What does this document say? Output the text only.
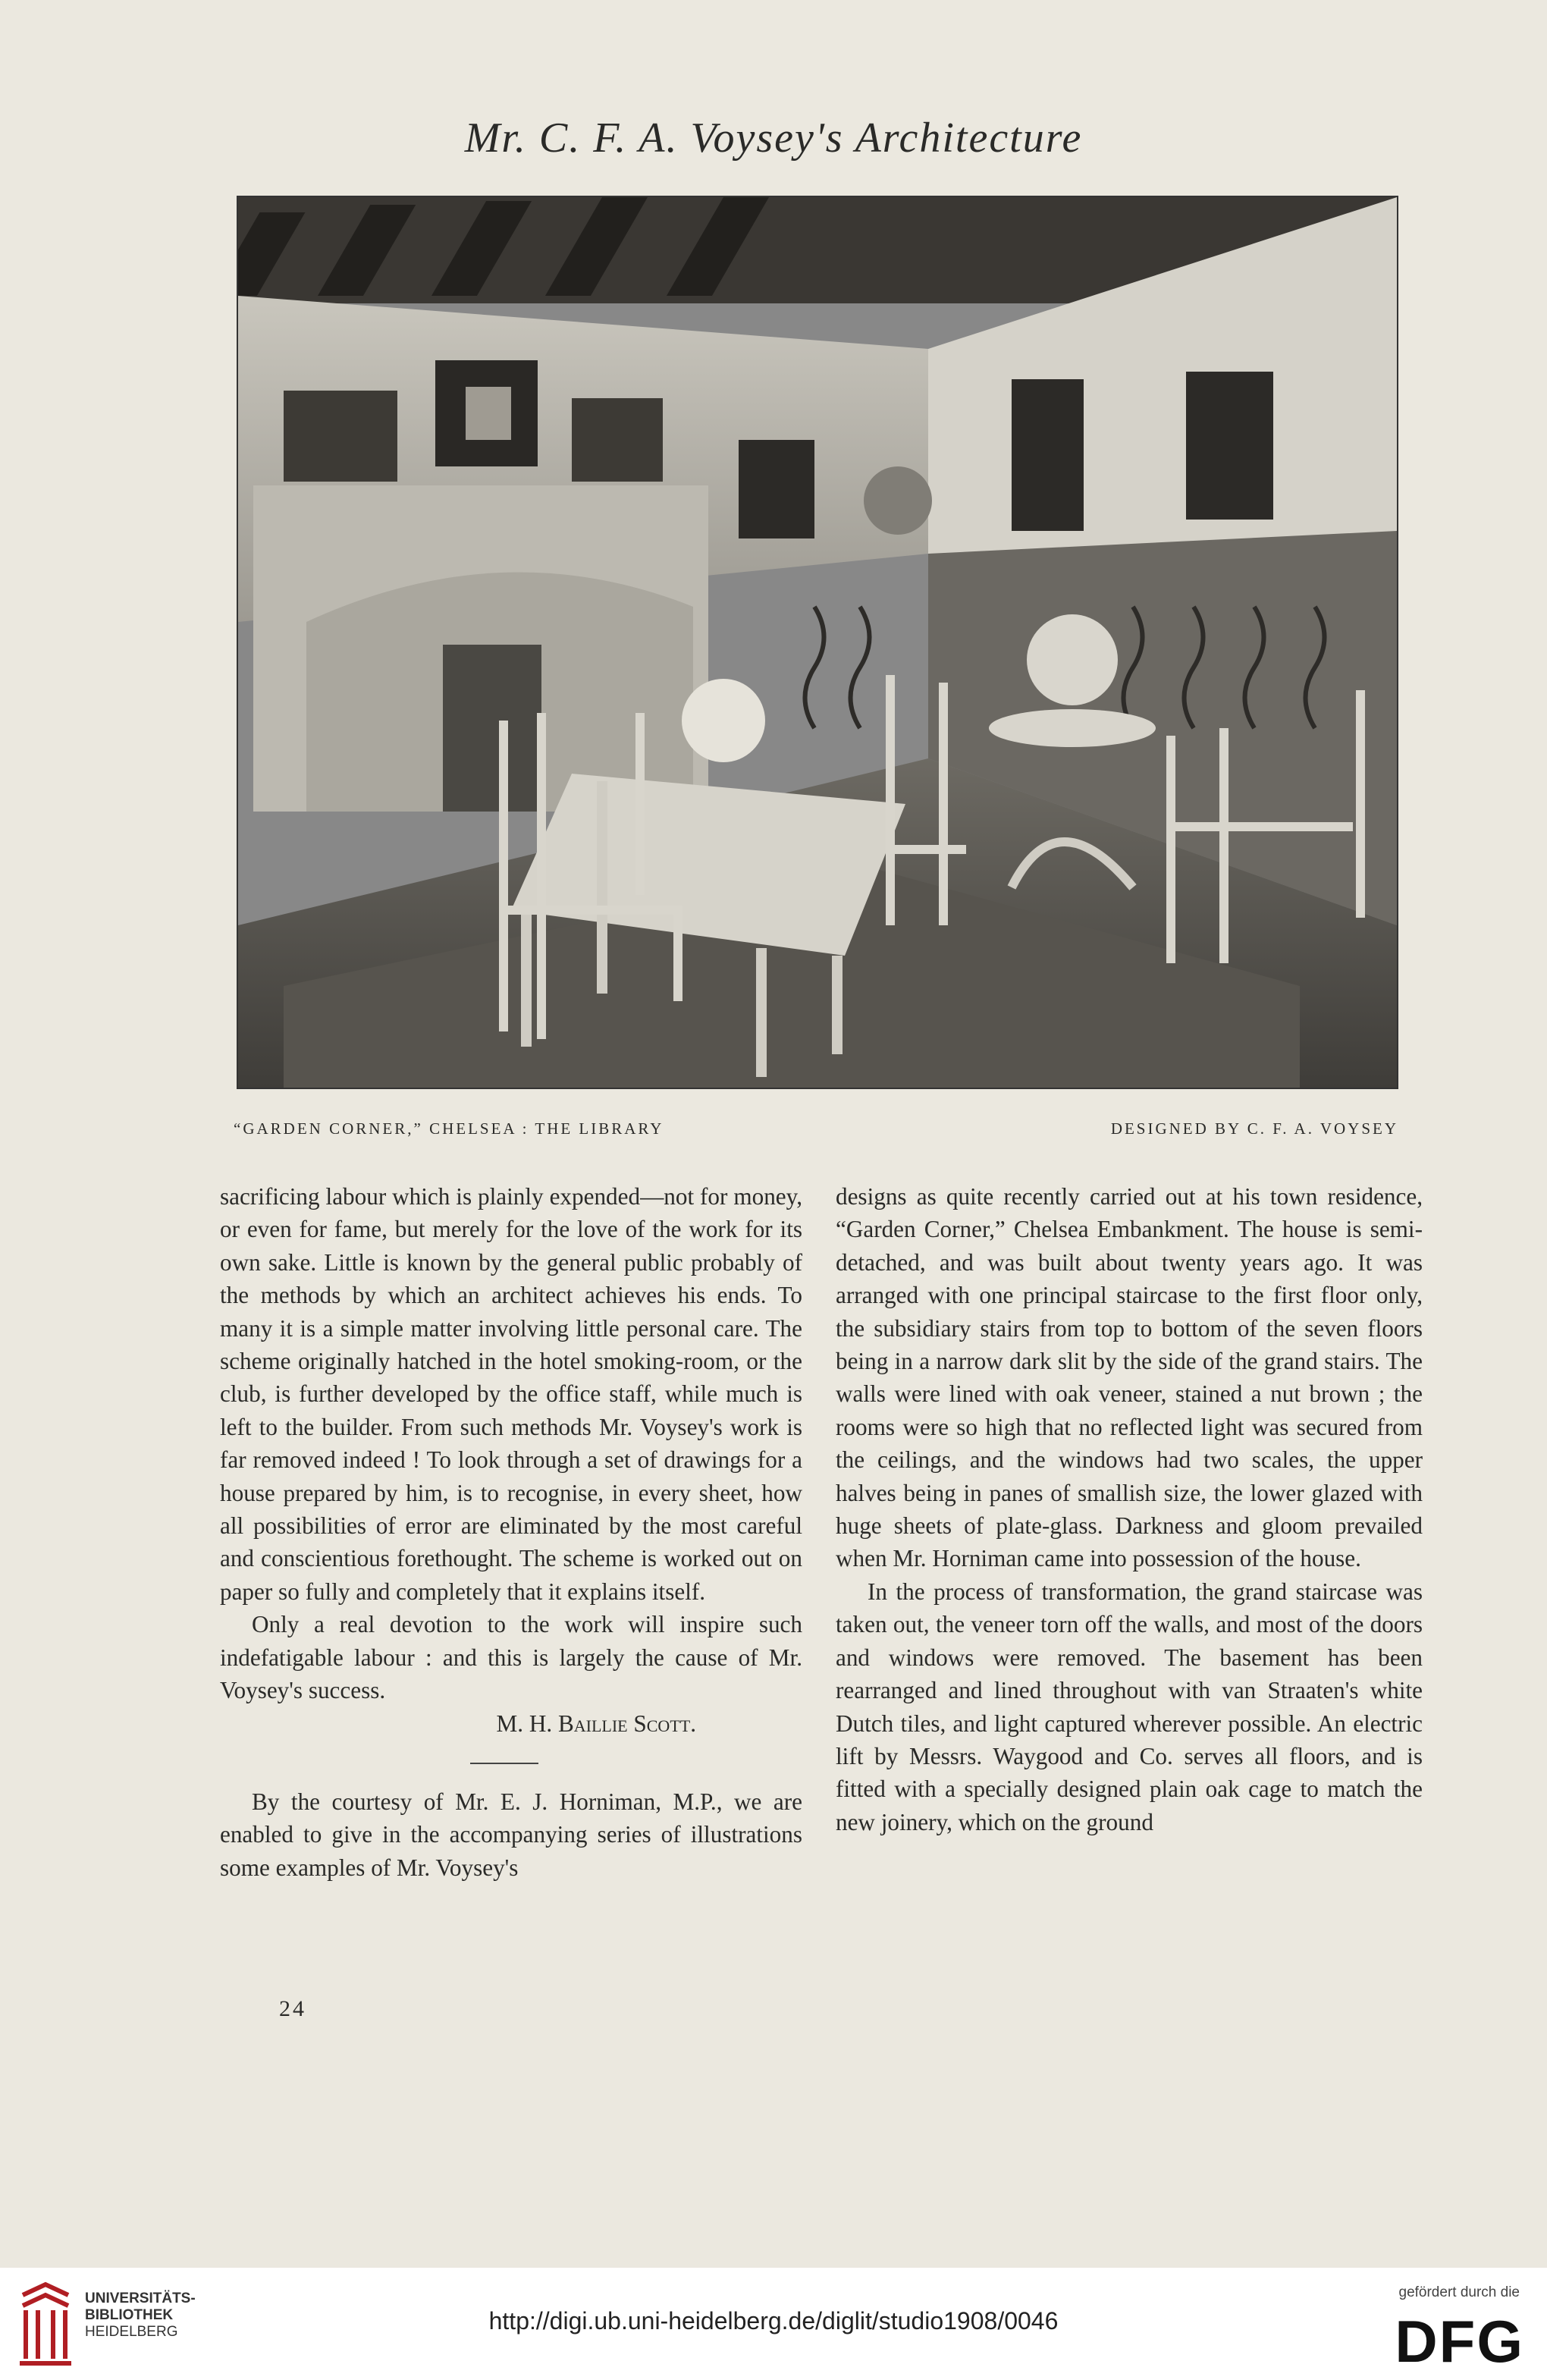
Mr. C. F. A. Voysey's Architecture
“GARDEN CORNER,” CHELSEA : THE LIBRARY	DESIGNED BY C. F. A. VOYSEY

sacrificing labour which is plainly expended—not for money, or even for fame, but merely for the love of the work for its own sake. Little is known by the general public probably of the methods by which an architect achieves his ends. To many it is a simple matter involving little personal care. The scheme originally hatched in the hotel smoking-room, or the club, is further developed by the office staff, while much is left to the builder. From such methods Mr. Voysey's work is far removed indeed ! To look through a set of drawings for a house prepared by him, is to recognise, in every sheet, how all possibilities of error are eliminated by the most careful and conscientious forethought. The scheme is worked out on paper so fully and completely that it explains itself.

Only a real devotion to the work will inspire such indefatigable labour : and this is largely the cause of Mr. Voysey's success.

M. H. Baillie Scott.

By the courtesy of Mr. E. J. Horniman, M.P., we are enabled to give in the accompanying series of illustrations some examples of Mr. Voysey's

designs as quite recently carried out at his town residence, “Garden Corner,” Chelsea Embankment. The house is semi-detached, and was built about twenty years ago. It was arranged with one principal staircase to the first floor only, the subsidiary stairs from top to bottom of the seven floors being in a narrow dark slit by the side of the grand stairs. The walls were lined with oak veneer, stained a nut brown ; the rooms were so high that no reflected light was secured from the ceilings, and the windows had two scales, the upper halves being in panes of smallish size, the lower glazed with huge sheets of plate-glass. Darkness and gloom prevailed when Mr. Horniman came into possession of the house.

In the process of transformation, the grand staircase was taken out, the veneer torn off the walls, and most of the doors and windows were removed. The basement has been rearranged and lined throughout with van Straaten's white Dutch tiles, and light captured wherever possible. An electric lift by Messrs. Waygood and Co. serves all floors, and is fitted with a specially designed plain oak cage to match the new joinery, which on the ground

24
UNIVERSITÄTS-
BIBLIOTHEK
HEIDELBERG	http://digi.ub.uni-heidelberg.de/diglit/studio1908/0046
gefördert durch die
DFG
